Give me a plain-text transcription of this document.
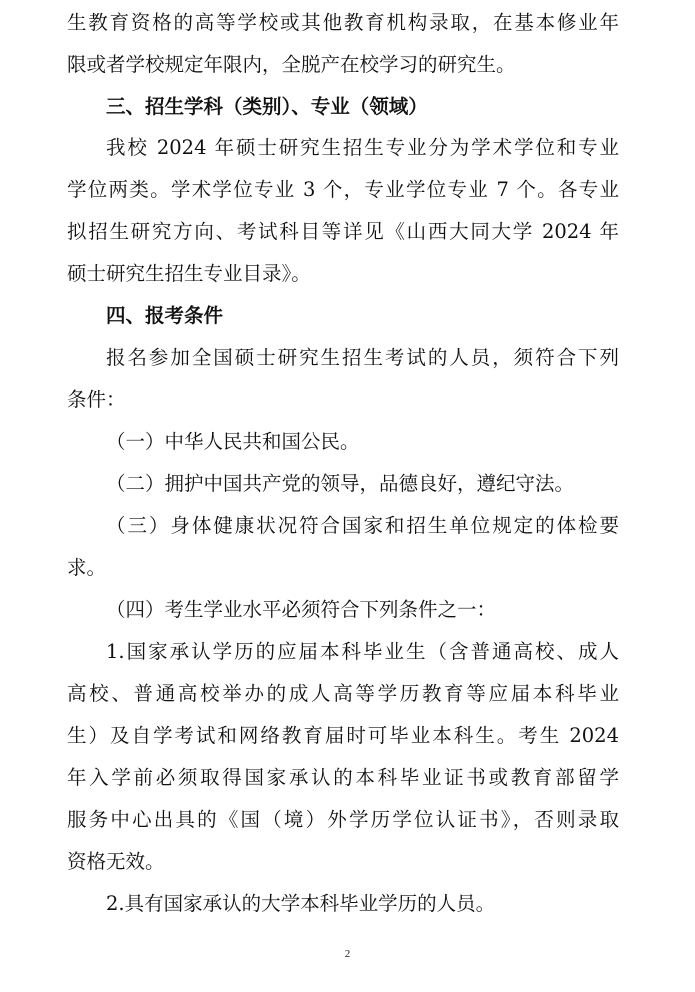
生教育资格的高等学校或其他教育机构录取，在基本修业年
限或者学校规定年限内，全脱产在校学习的研究生。
三、招生学科（类别）、专业（领域）
我校 2024 年硕士研究生招生专业分为学术学位和专业
学位两类。学术学位专业 3 个，专业学位专业 7 个。各专业
拟招生研究方向、考试科目等详见《山西大同大学 2024 年
硕士研究生招生专业目录》。
四、报考条件
报名参加全国硕士研究生招生考试的人员，须符合下列
条件：
（一）中华人民共和国公民。
（二）拥护中国共产党的领导，品德良好，遵纪守法。
（三）身体健康状况符合国家和招生单位规定的体检要
求。
（四）考生学业水平必须符合下列条件之一：
1.国家承认学历的应届本科毕业生（含普通高校、成人
高校、普通高校举办的成人高等学历教育等应届本科毕业
生）及自学考试和网络教育届时可毕业本科生。考生 2024
年入学前必须取得国家承认的本科毕业证书或教育部留学
服务中心出具的《国（境）外学历学位认证书》，否则录取
资格无效。
2.具有国家承认的大学本科毕业学历的人员。
2
